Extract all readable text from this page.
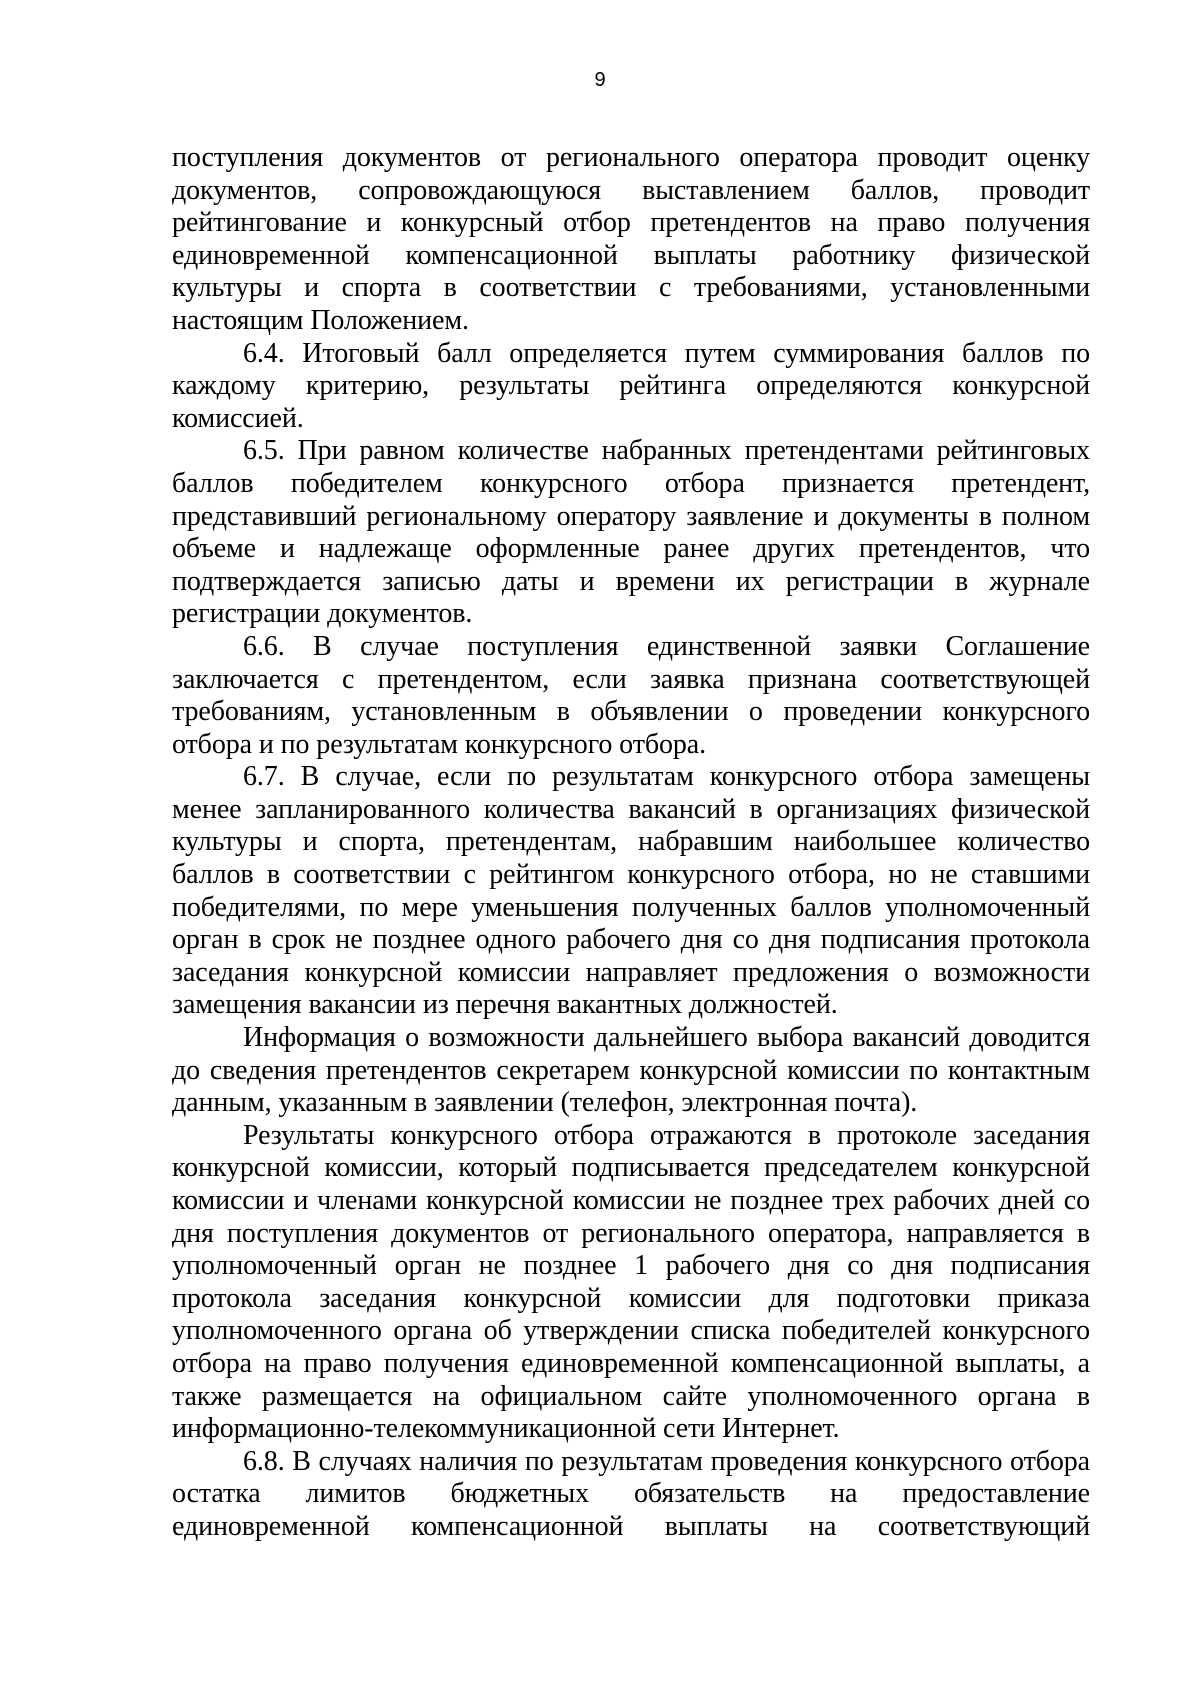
9

поступления документов от регионального оператора проводит оценку документов, сопровождающуюся выставлением баллов, проводит рейтингование и конкурсный отбор претендентов на право получения единовременной компенсационной выплаты работнику физической культуры и спорта в соответствии с требованиями, установленными настоящим Положением.

6.4. Итоговый балл определяется путем суммирования баллов по каждому критерию, результаты рейтинга определяются конкурсной комиссией.

6.5. При равном количестве набранных претендентами рейтинговых баллов победителем конкурсного отбора признается претендент, представивший региональному оператору заявление и документы в полном объеме и надлежаще оформленные ранее других претендентов, что подтверждается записью даты и времени их регистрации в журнале регистрации документов.

6.6. В случае поступления единственной заявки Соглашение заключается с претендентом, если заявка признана соответствующей требованиям, установленным в объявлении о проведении конкурсного отбора и по результатам конкурсного отбора.

6.7. В случае, если по результатам конкурсного отбора замещены менее запланированного количества вакансий в организациях физической культуры и спорта, претендентам, набравшим наибольшее количество баллов в соответствии с рейтингом конкурсного отбора, но не ставшими победителями, по мере уменьшения полученных баллов уполномоченный орган в срок не позднее одного рабочего дня со дня подписания протокола заседания конкурсной комиссии направляет предложения о возможности замещения вакансии из перечня вакантных должностей.

Информация о возможности дальнейшего выбора вакансий доводится до сведения претендентов секретарем конкурсной комиссии по контактным данным, указанным в заявлении (телефон, электронная почта).

Результаты конкурсного отбора отражаются в протоколе заседания конкурсной комиссии, который подписывается председателем конкурсной комиссии и членами конкурсной комиссии не позднее трех рабочих дней со дня поступления документов от регионального оператора, направляется в уполномоченный орган не позднее 1 рабочего дня со дня подписания протокола заседания конкурсной комиссии для подготовки приказа уполномоченного органа об утверждении списка победителей конкурсного отбора на право получения единовременной компенсационной выплаты, а также размещается на официальном сайте уполномоченного органа в информационно-телекоммуникационной сети Интернет.

6.8. В случаях наличия по результатам проведения конкурсного отбора остатка лимитов бюджетных обязательств на предоставление единовременной компенсационной выплаты на соответствующий
